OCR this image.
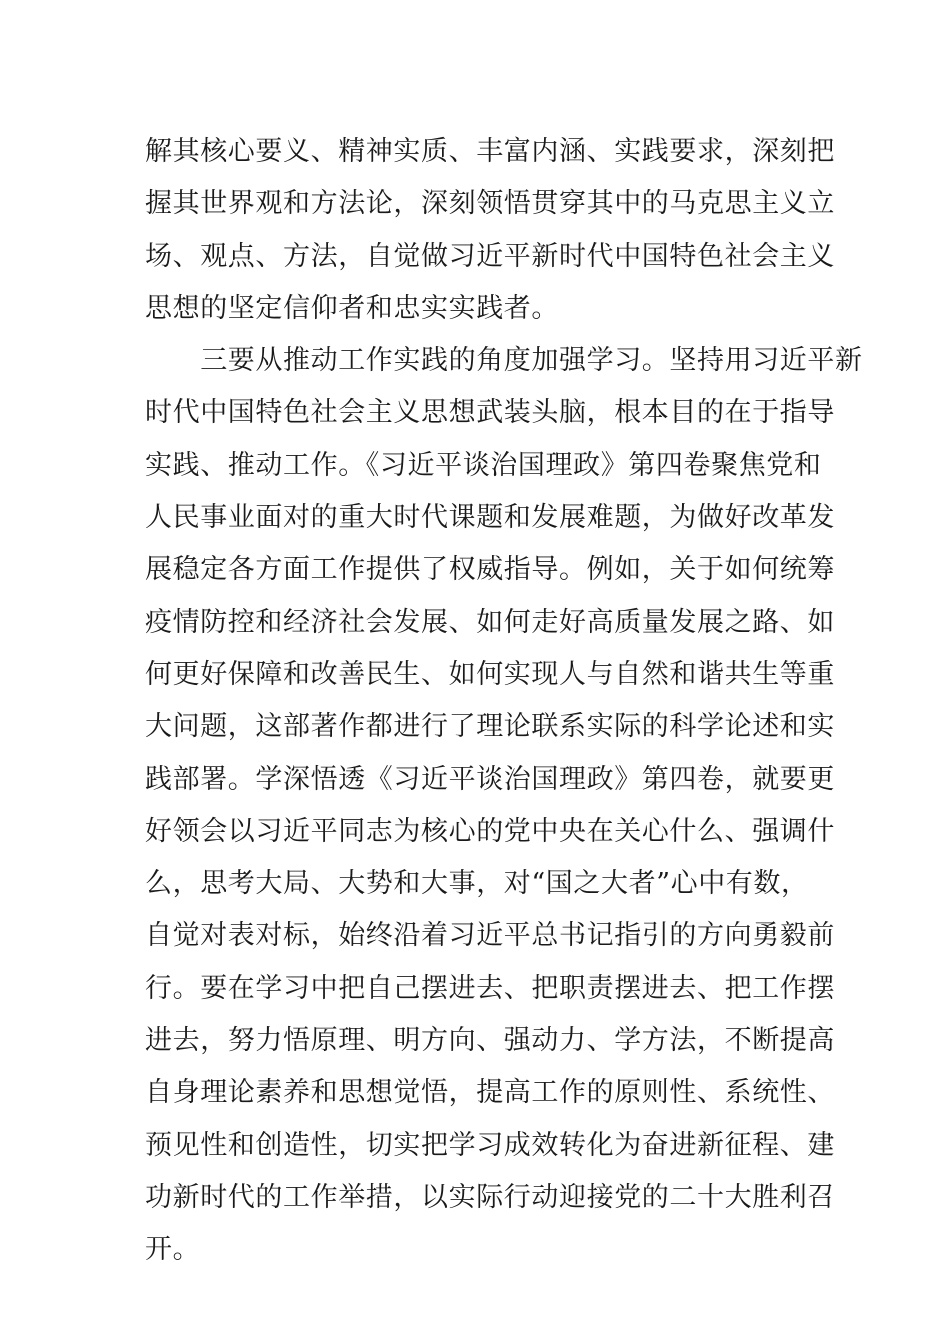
解其核心要义、精神实质、丰富内涵、实践要求，深刻把
握其世界观和方法论，深刻领悟贯穿其中的马克思主义立
场、观点、方法，自觉做习近平新时代中国特色社会主义
思想的坚定信仰者和忠实实践者。
　　三要从推动工作实践的角度加强学习。坚持用习近平新
时代中国特色社会主义思想武装头脑，根本目的在于指导
实践、推动工作。《习近平谈治国理政》第四卷聚焦党和
人民事业面对的重大时代课题和发展难题，为做好改革发
展稳定各方面工作提供了权威指导。例如，关于如何统筹
疫情防控和经济社会发展、如何走好高质量发展之路、如
何更好保障和改善民生、如何实现人与自然和谐共生等重
大问题，这部著作都进行了理论联系实际的科学论述和实
践部署。学深悟透《习近平谈治国理政》第四卷，就要更
好领会以习近平同志为核心的党中央在关心什么、强调什
么，思考大局、大势和大事，对“国之大者”心中有数，
自觉对表对标，始终沿着习近平总书记指引的方向勇毅前
行。要在学习中把自己摆进去、把职责摆进去、把工作摆
进去，努力悟原理、明方向、强动力、学方法，不断提高
自身理论素养和思想觉悟，提高工作的原则性、系统性、
预见性和创造性，切实把学习成效转化为奋进新征程、建
功新时代的工作举措，以实际行动迎接党的二十大胜利召
开。
